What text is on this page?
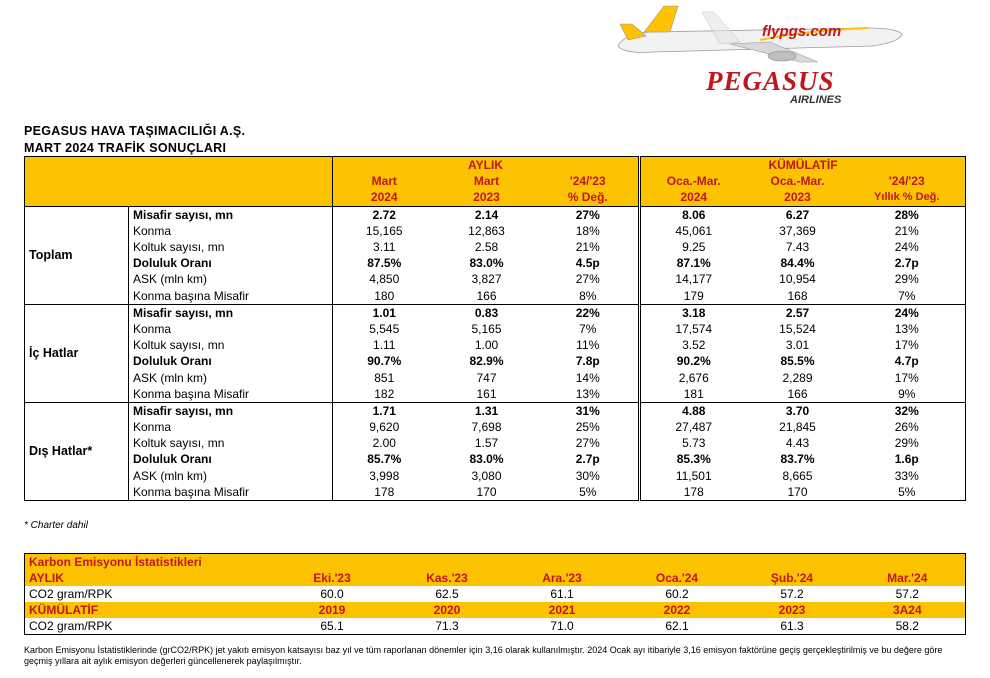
flypgs.com
PEGASUS
AIRLINES
PEGASUS HAVA TAŞIMACILIĞI A.Ş.
MART 2024 TRAFİK SONUÇLARI
		AYLIK			KÜMÜLATİF		
		Mart	Mart	'24/'23	Oca.-Mar.	Oca.-Mar.	'24/'23
		2024	2023	% Değ.	2024	2023	Yıllık % Değ.
Toplam	Misafir sayısı, mn	2.72	2.14	27%	8.06	6.27	28%
	Konma	15,165	12,863	18%	45,061	37,369	21%
	Koltuk sayısı, mn	3.11	2.58	21%	9.25	7.43	24%
	Doluluk Oranı	87.5%	83.0%	4.5p	87.1%	84.4%	2.7p
	ASK (mln km)	4,850	3,827	27%	14,177	10,954	29%
	Konma başına Misafir	180	166	8%	179	168	7%
İç Hatlar	Misafir sayısı, mn	1.01	0.83	22%	3.18	2.57	24%
	Konma	5,545	5,165	7%	17,574	15,524	13%
	Koltuk sayısı, mn	1.11	1.00	11%	3.52	3.01	17%
	Doluluk Oranı	90.7%	82.9%	7.8p	90.2%	85.5%	4.7p
	ASK (mln km)	851	747	14%	2,676	2,289	17%
	Konma başına Misafir	182	161	13%	181	166	9%
Dış Hatlar*	Misafir sayısı, mn	1.71	1.31	31%	4.88	3.70	32%
	Konma	9,620	7,698	25%	27,487	21,845	26%
	Koltuk sayısı, mn	2.00	1.57	27%	5.73	4.43	29%
	Doluluk Oranı	85.7%	83.0%	2.7p	85.3%	83.7%	1.6p
	ASK (mln km)	3,998	3,080	30%	11,501	8,665	33%
	Konma başına Misafir	178	170	5%	178	170	5%
* Charter dahil
Karbon Emisyonu İstatistikleri						
AYLIK	Eki.'23	Kas.'23	Ara.'23	Oca.'24	Şub.'24	Mar.'24
CO2 gram/RPK	60.0	62.5	61.1	60.2	57.2	57.2
KÜMÜLATİF	2019	2020	2021	2022	2023	3A24
CO2 gram/RPK	65.1	71.3	71.0	62.1	61.3	58.2
Karbon Emisyonu İstatistiklerinde (grCO2/RPK) jet yakıtı emisyon katsayısı baz yıl ve tüm raporlanan dönemler için 3,16 olarak kullanılmıştır. 2024 Ocak ayı itibariyle 3,16 emisyon faktörüne geçiş gerçekleştirilmiş ve bu değere göre geçmiş yıllara ait aylık emisyon değerleri güncellenerek paylaşılmıştır.
